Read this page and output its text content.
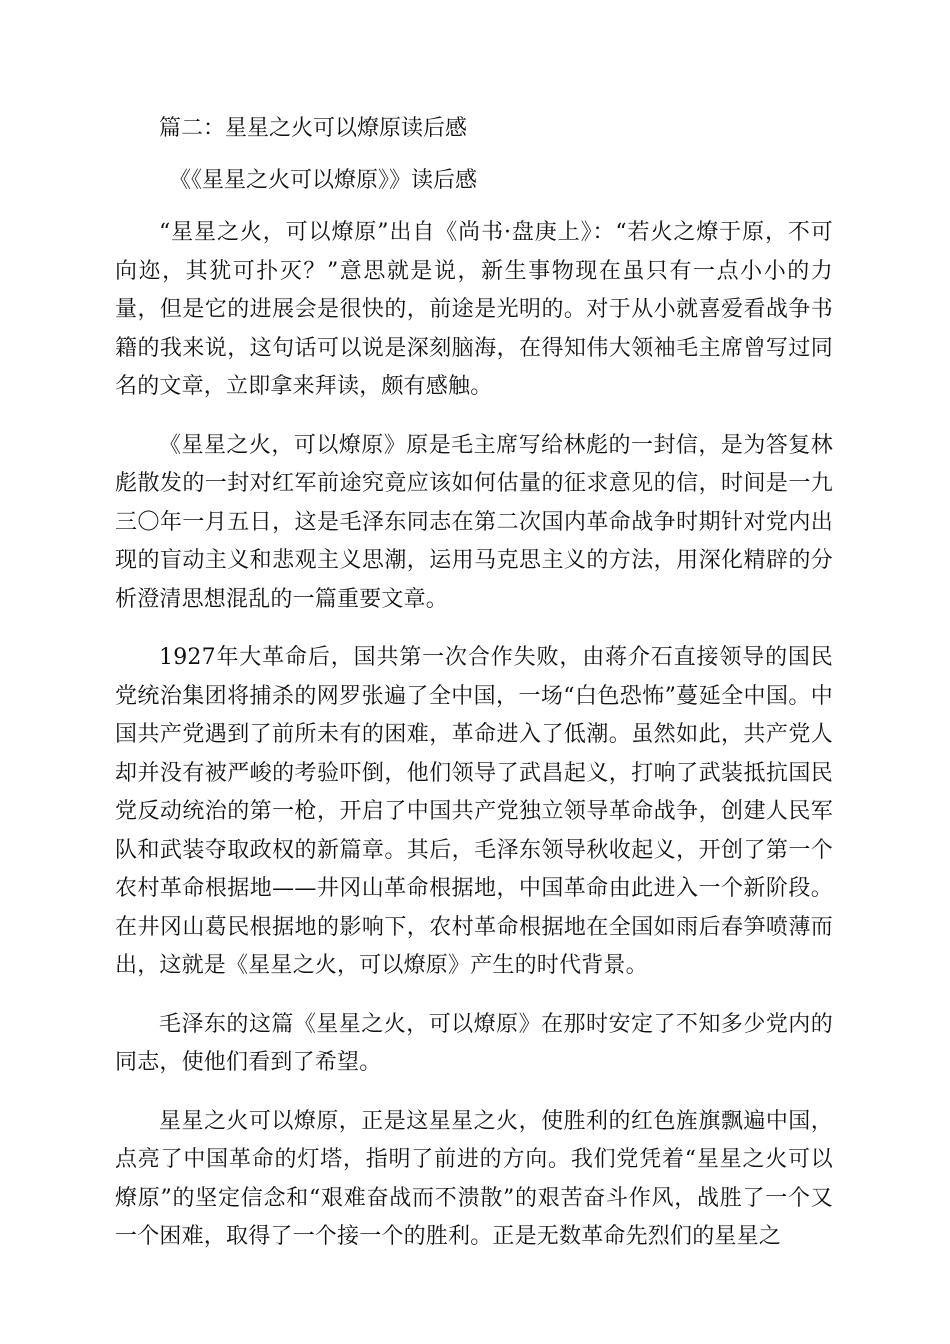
篇二：星星之火可以燎原读后感
《《星星之火可以燎原》》读后感

“星星之火，可以燎原”出自《尚书·盘庚上》：“若火之燎于原，不可向迩，其犹可扑灭？”意思就是说，新生事物现在虽只有一点小小的力量，但是它的进展会是很快的，前途是光明的。对于从小就喜爱看战争书籍的我来说，这句话可以说是深刻脑海，在得知伟大领袖毛主席曾写过同名的文章，立即拿来拜读，颇有感触。

《星星之火，可以燎原》原是毛主席写给林彪的一封信，是为答复林彪散发的一封对红军前途究竟应该如何估量的征求意见的信，时间是一九三〇年一月五日，这是毛泽东同志在第二次国内革命战争时期针对党内出现的盲动主义和悲观主义思潮，运用马克思主义的方法，用深化精辟的分析澄清思想混乱的一篇重要文章。

1927年大革命后，国共第一次合作失败，由蒋介石直接领导的国民党统治集团将捕杀的网罗张遍了全中国，一场“白色恐怖”蔓延全中国。中国共产党遇到了前所未有的困难，革命进入了低潮。虽然如此，共产党人却并没有被严峻的考验吓倒，他们领导了武昌起义，打响了武装抵抗国民党反动统治的第一枪，开启了中国共产党独立领导革命战争，创建人民军队和武装夺取政权的新篇章。其后，毛泽东领导秋收起义，开创了第一个农村革命根据地——井冈山革命根据地，中国革命由此进入一个新阶段。在井冈山葛民根据地的影响下，农村革命根据地在全国如雨后春笋喷薄而出，这就是《星星之火，可以燎原》产生的时代背景。

毛泽东的这篇《星星之火，可以燎原》在那时安定了不知多少党内的同志，使他们看到了希望。

星星之火可以燎原，正是这星星之火，使胜利的红色旌旗飘遍中国，点亮了中国革命的灯塔，指明了前进的方向。我们党凭着“星星之火可以燎原”的坚定信念和“艰难奋战而不溃散”的艰苦奋斗作风，战胜了一个又一个困难，取得了一个接一个的胜利。正是无数革命先烈们的星星之
